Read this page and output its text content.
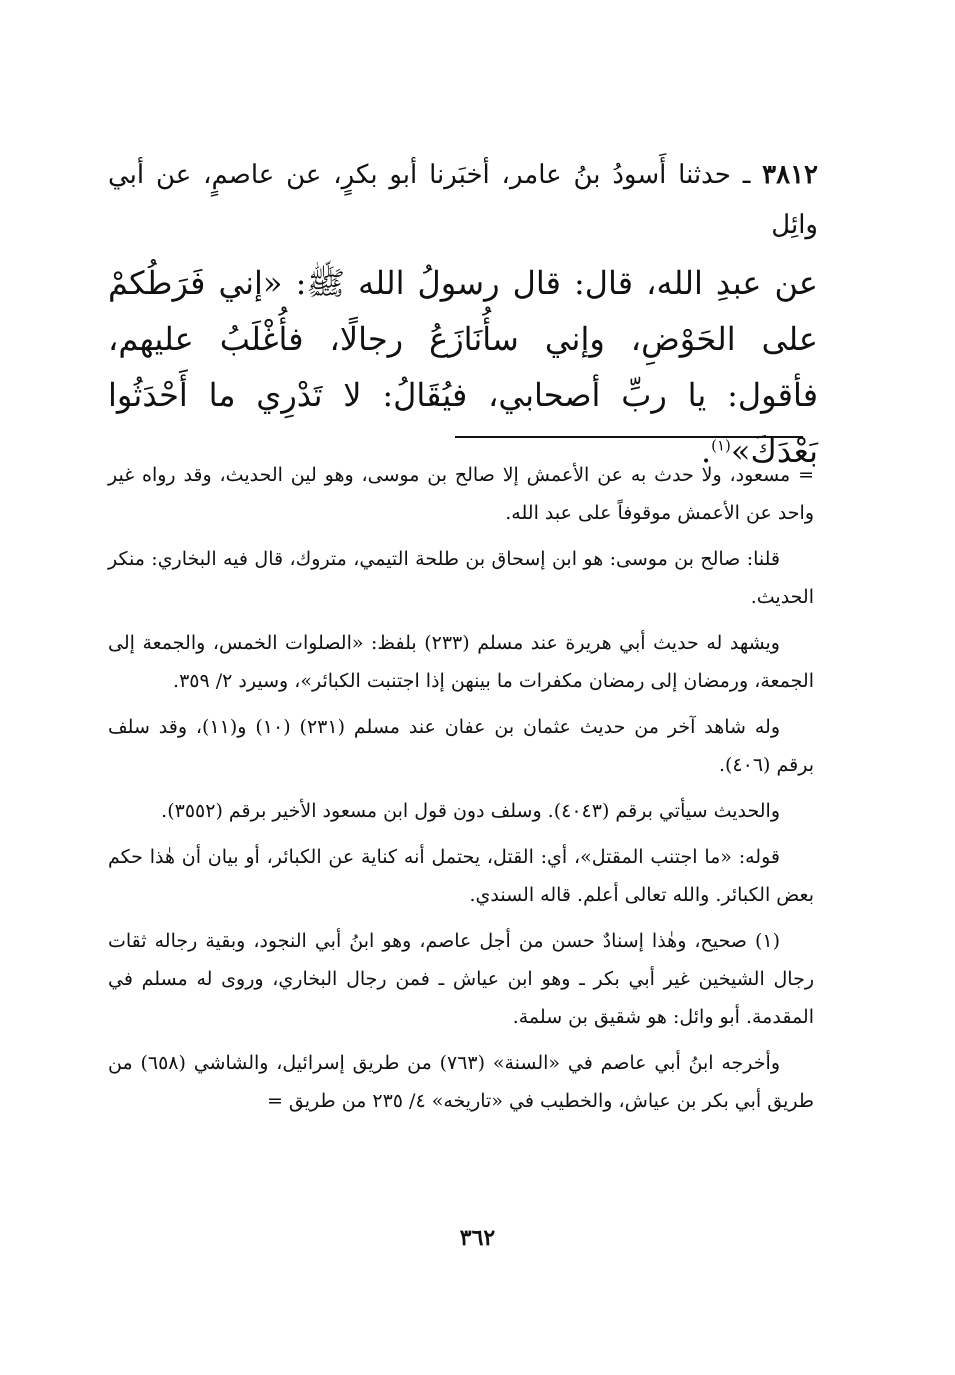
٣٨١٢ ـ حدثنا أَسودُ بنُ عامر، أخبَرنا أبو بكرٍ، عن عاصمٍ، عن أبي وائِل
عن عبدِ الله، قال: قال رسولُ الله ﷺ: «إني فَرَطُكمْ على الحَوْضِ، وإني سأُنَازَعُ رجالًا، فأُغْلَبُ عليهم، فأقول: يا ربِّ أصحابي، فيُقَالُ: لا تَدْرِي ما أَحْدَثُوا بَعْدَكَ»$^{(١)}$.

= مسعود، ولا حدث به عن الأعمش إلا صالح بن موسى، وهو لين الحديث، وقد رواه غير واحد عن الأعمش موقوفاً على عبد الله.

قلنا: صالح بن موسى: هو ابن إسحاق بن طلحة التيمي، متروك، قال فيه البخاري: منكر الحديث.

ويشهد له حديث أبي هريرة عند مسلم (٢٣٣) بلفظ: «الصلوات الخمس، والجمعة إلى الجمعة، ورمضان إلى رمضان مكفرات ما بينهن إذا اجتنبت الكبائر»، وسيرد ٢/ ٣٥٩.

وله شاهد آخر من حديث عثمان بن عفان عند مسلم (٢٣١) (١٠) و(١١)، وقد سلف برقم (٤٠٦).

والحديث سيأتي برقم (٤٠٤٣). وسلف دون قول ابن مسعود الأخير برقم (٣٥٥٢).

قوله: «ما اجتنب المقتل»، أي: القتل، يحتمل أنه كناية عن الكبائر، أو بيان أن هٰذا حكم بعض الكبائر. والله تعالى أعلم. قاله السندي.

(١) صحيح، وهٰذا إسنادٌ حسن من أجل عاصم، وهو ابنُ أبي النجود، وبقية رجاله ثقات رجال الشيخين غير أبي بكر ـ وهو ابن عياش ـ فمن رجال البخاري، وروى له مسلم في المقدمة. أبو وائل: هو شقيق بن سلمة.

وأخرجه ابنُ أبي عاصم في «السنة» (٧٦٣) من طريق إسرائيل، والشاشي (٦٥٨) من طريق أبي بكر بن عياش، والخطيب في «تاريخه» ٤/ ٢٣٥ من طريق =

٣٦٢
